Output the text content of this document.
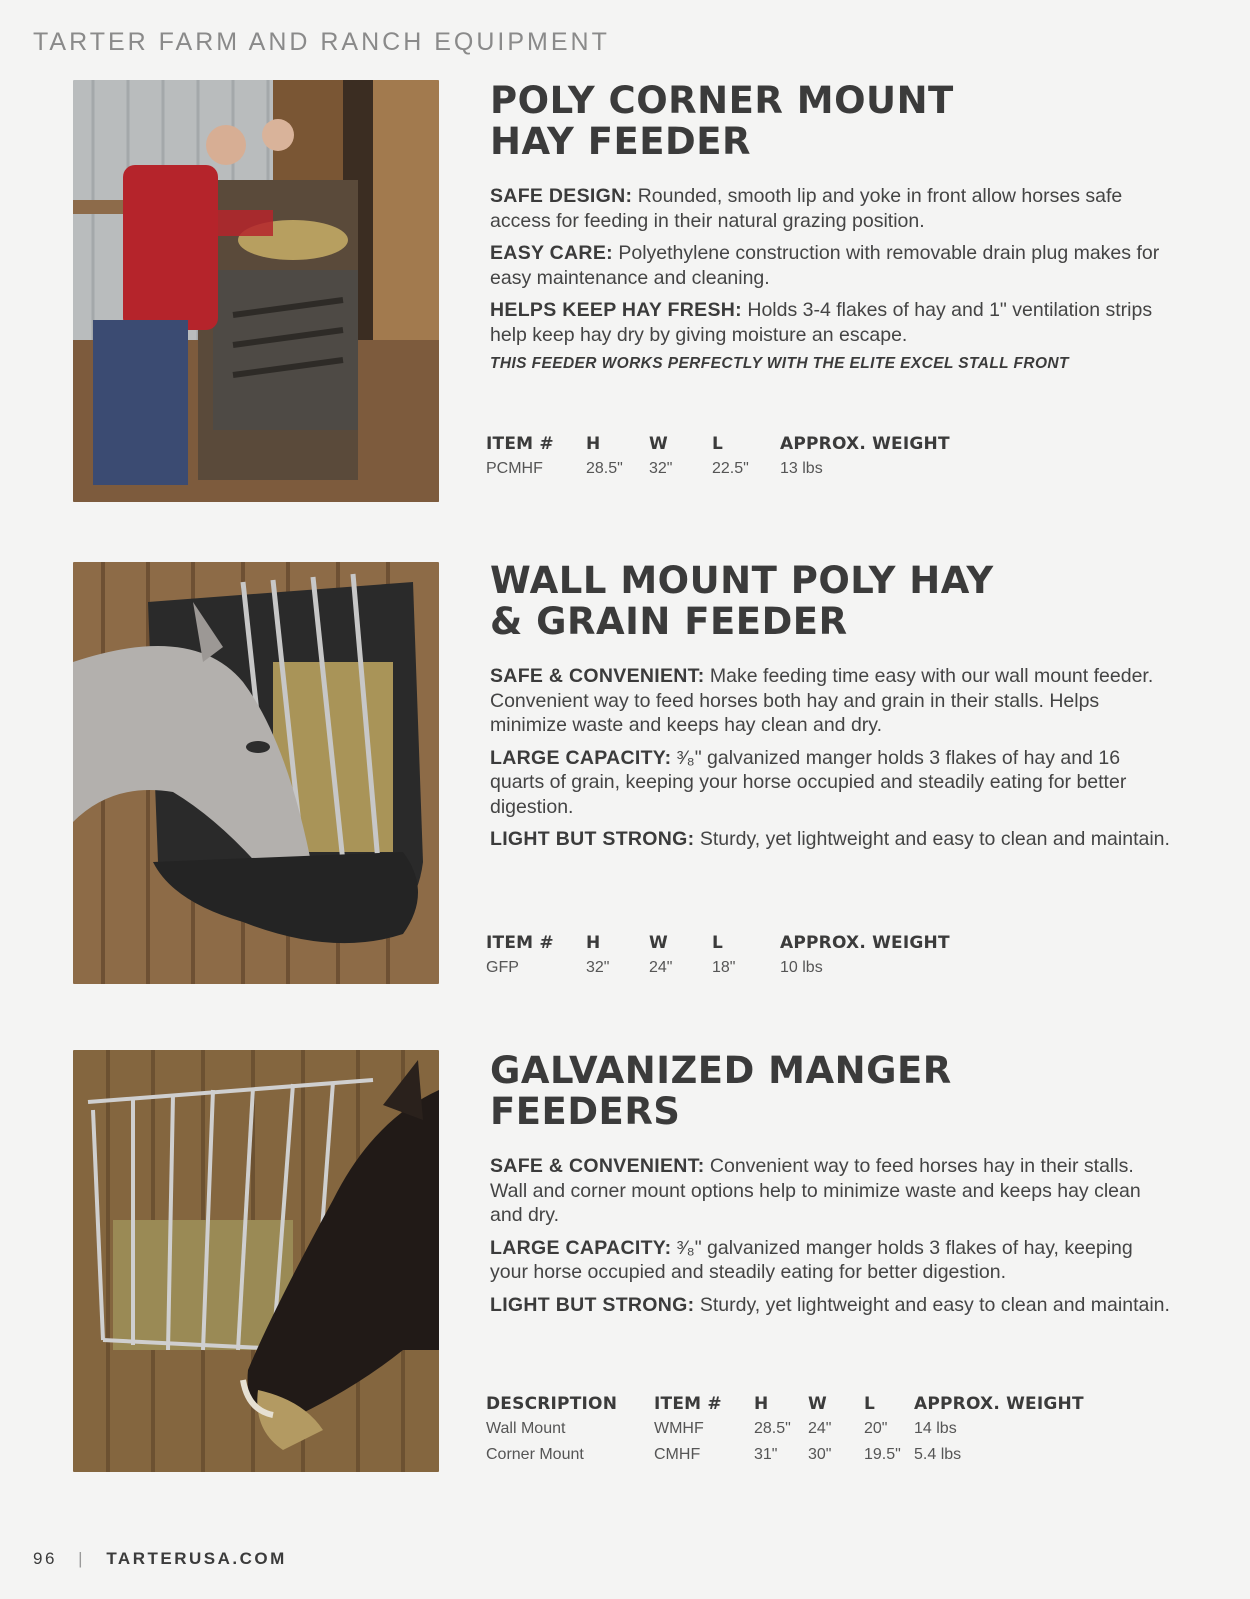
TARTER FARM AND RANCH EQUIPMENT
POLY CORNER MOUNT
HAY FEEDER

SAFE DESIGN: Rounded, smooth lip and yoke in front allow horses safe access for feeding in their natural grazing position.

EASY CARE: Polyethylene construction with removable drain plug makes for easy maintenance and cleaning.

HELPS KEEP HAY FRESH: Holds 3-4 flakes of hay and 1" ventilation strips help keep hay dry by giving moisture an escape.

THIS FEEDER WORKS PERFECTLY WITH THE ELITE EXCEL STALL FRONT
ITEM #	H	W	L	APPROX. WEIGHT
PCMHF	28.5"	32"	22.5"	13 lbs
WALL MOUNT POLY HAY
& GRAIN FEEDER

SAFE & CONVENIENT: Make feeding time easy with our wall mount feeder. Convenient way to feed horses both hay and grain in their stalls. Helps minimize waste and keeps hay clean and dry.

LARGE CAPACITY: ³⁄₈" galvanized manger holds 3 flakes of hay and 16 quarts of grain, keeping your horse occupied and steadily eating for better digestion.

LIGHT BUT STRONG: Sturdy, yet lightweight and easy to clean and maintain.

ITEM #	H	W	L	APPROX. WEIGHT
GFP	32"	24"	18"	10 lbs
GALVANIZED MANGER
FEEDERS

SAFE & CONVENIENT: Convenient way to feed horses hay in their stalls. Wall and corner mount options help to minimize waste and keeps hay clean and dry.

LARGE CAPACITY: ³⁄₈" galvanized manger holds 3 flakes of hay, keeping your horse occupied and steadily eating for better digestion.

LIGHT BUT STRONG: Sturdy, yet lightweight and easy to clean and maintain.

DESCRIPTION	ITEM #	H	W	L	APPROX. WEIGHT
Wall Mount	WMHF	28.5"	24"	20"	14 lbs
Corner Mount	CMHF	31"	30"	19.5"	5.4 lbs
96 | TARTERUSA.COM
